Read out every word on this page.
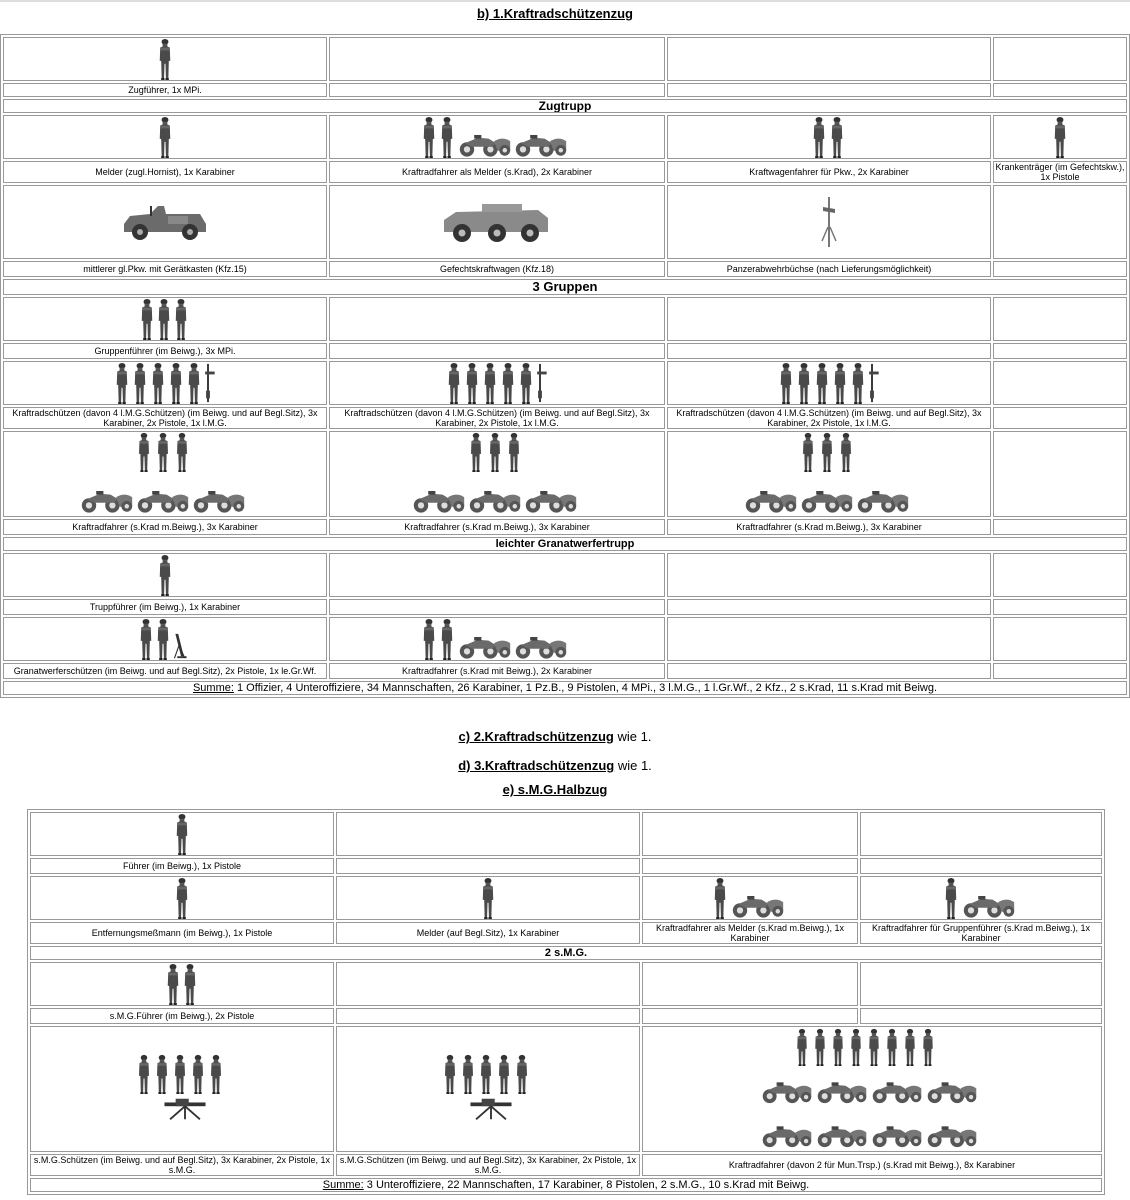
b) 1.Kraftradschützenzug

Zugführer, 1x MPi.			
Zugtrupp			

Melder (zugl.Hornist), 1x Karabiner	Kraftradfahrer als Melder (s.Krad), 2x Karabiner	Kraftwagenfahrer für Pkw., 2x Karabiner	Krankenträger (im Gefechtskw.), 1x Pistole

mittlerer gl.Pkw. mit Gerätkasten (Kfz.15)	Gefechtskraftwagen (Kfz.18)	Panzerabwehrbüchse (nach Lieferungsmöglichkeit)	
3 Gruppen			

Gruppenführer (im Beiwg.), 3x MPi.			

Kraftradschützen (davon 4 l.M.G.Schützen) (im Beiwg. und auf Begl.Sitz), 3x Karabiner, 2x Pistole, 1x l.M.G.	Kraftradschützen (davon 4 l.M.G.Schützen) (im Beiwg. und auf Begl.Sitz), 3x Karabiner, 2x Pistole, 1x l.M.G.	Kraftradschützen (davon 4 l.M.G.Schützen) (im Beiwg. und auf Begl.Sitz), 3x Karabiner, 2x Pistole, 1x l.M.G.	

Kraftradfahrer (s.Krad m.Beiwg.), 3x Karabiner	Kraftradfahrer (s.Krad m.Beiwg.), 3x Karabiner	Kraftradfahrer (s.Krad m.Beiwg.), 3x Karabiner	
leichter Granatwerfertrupp			

Truppführer (im Beiwg.), 1x Karabiner			

Granatwerferschützen (im Beiwg. und auf Begl.Sitz), 2x Pistole, 1x le.Gr.Wf.	Kraftradfahrer (s.Krad mit Beiwg.), 2x Karabiner		
Summe: 1 Offizier, 4 Unteroffiziere, 34 Mannschaften, 26 Karabiner, 1 Pz.B., 9 Pistolen, 4 MPi., 3 l.M.G., 1 l.Gr.Wf., 2 Kfz., 2 s.Krad, 11 s.Krad mit Beiwg.			
c) 2.Kraftradschützenzug wie 1.
d) 3.Kraftradschützenzug wie 1.
e) s.M.G.Halbzug

Führer (im Beiwg.), 1x Pistole			

Entfernungsmeßmann (im Beiwg.), 1x Pistole	Melder (auf Begl.Sitz), 1x Karabiner	Kraftradfahrer als Melder (s.Krad m.Beiwg.), 1x Karabiner	Kraftradfahrer für Gruppenführer (s.Krad m.Beiwg.), 1x Karabiner
2 s.M.G.			

s.M.G.Führer (im Beiwg.), 2x Pistole			

s.M.G.Schützen (im Beiwg. und auf Begl.Sitz), 3x Karabiner, 2x Pistole, 1x s.M.G.	s.M.G.Schützen (im Beiwg. und auf Begl.Sitz), 3x Karabiner, 2x Pistole, 1x s.M.G.	Kraftradfahrer (davon 2 für Mun.Trsp.) (s.Krad mit Beiwg.), 8x Karabiner	
Summe: 3 Unteroffiziere, 22 Mannschaften, 17 Karabiner, 8 Pistolen, 2 s.M.G., 10 s.Krad mit Beiwg.			
